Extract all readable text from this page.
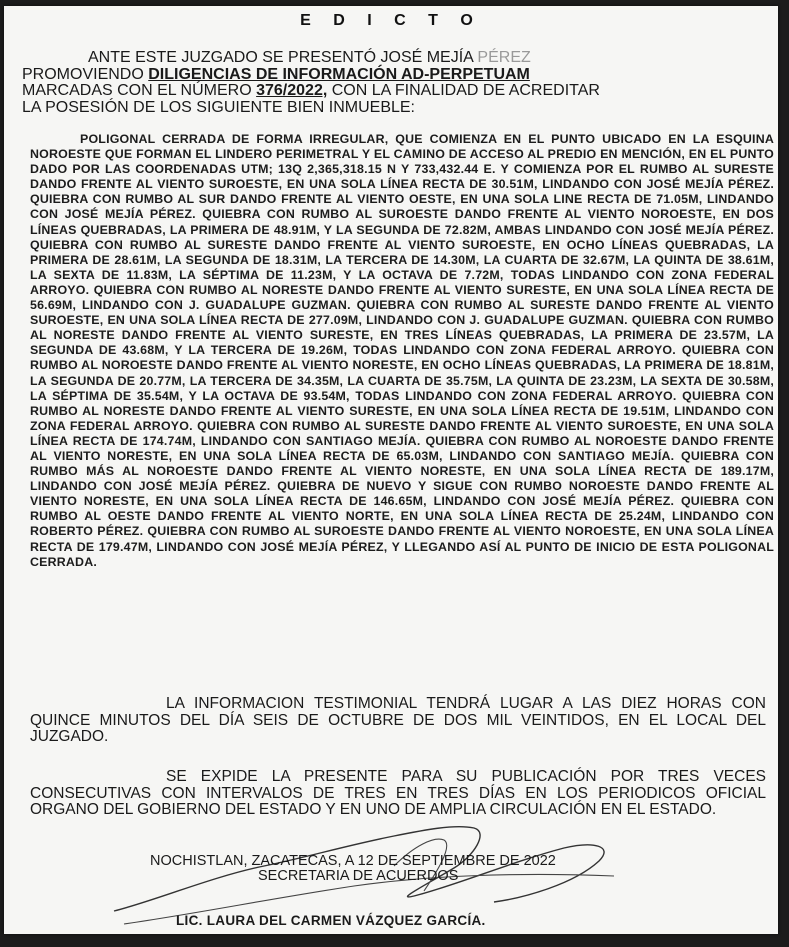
E D I C T O
ANTE ESTE JUZGADO SE PRESENTÓ JOSÉ MEJÍA PÉREZ
PROMOVIENDO DILIGENCIAS DE INFORMACIÓN AD-PERPETUAM
MARCADAS CON EL NÚMERO 376/2022, CON LA FINALIDAD DE ACREDITAR
LA POSESIÓN DE LOS SIGUIENTE BIEN INMUEBLE:
POLIGONAL CERRADA DE FORMA IRREGULAR, QUE COMIENZA EN EL PUNTO UBICADO EN LA ESQUINA NOROESTE QUE FORMAN EL LINDERO PERIMETRAL Y EL CAMINO DE ACCESO AL PREDIO EN MENCIÓN, EN EL PUNTO DADO POR LAS COORDENADAS UTM; 13Q 2,365,318.15 N Y 733,432.44 E. Y COMIENZA POR EL RUMBO AL SURESTE DANDO FRENTE AL VIENTO SUROESTE, EN UNA SOLA LÍNEA RECTA DE 30.51M, LINDANDO CON JOSÉ MEJÍA PÉREZ. QUIEBRA CON RUMBO AL SUR DANDO FRENTE AL VIENTO OESTE, EN UNA SOLA LINE RECTA DE 71.05M, LINDANDO CON JOSÉ MEJÍA PÉREZ. QUIEBRA CON RUMBO AL SUROESTE DANDO FRENTE AL VIENTO NOROESTE, EN DOS LÍNEAS QUEBRADAS, LA PRIMERA DE 48.91M, Y LA SEGUNDA DE 72.82M, AMBAS LINDANDO CON JOSÉ MEJÍA PÉREZ. QUIEBRA CON RUMBO AL SURESTE DANDO FRENTE AL VIENTO SUROESTE, EN OCHO LÍNEAS QUEBRADAS, LA PRIMERA DE 28.61M, LA SEGUNDA DE 18.31M, LA TERCERA DE 14.30M, LA CUARTA DE 32.67M, LA QUINTA DE 38.61M, LA SEXTA DE 11.83M, LA SÉPTIMA DE 11.23M, Y LA OCTAVA DE 7.72M, TODAS LINDANDO CON ZONA FEDERAL ARROYO. QUIEBRA CON RUMBO AL NORESTE DANDO FRENTE AL VIENTO SURESTE, EN UNA SOLA LÍNEA RECTA DE 56.69M, LINDANDO CON J. GUADALUPE GUZMAN. QUIEBRA CON RUMBO AL SURESTE DANDO FRENTE AL VIENTO SUROESTE, EN UNA SOLA LÍNEA RECTA DE 277.09M, LINDANDO CON J. GUADALUPE GUZMAN. QUIEBRA CON RUMBO AL NORESTE DANDO FRENTE AL VIENTO SURESTE, EN TRES LÍNEAS QUEBRADAS, LA PRIMERA DE 23.57M, LA SEGUNDA DE 43.68M, Y LA TERCERA DE 19.26M, TODAS LINDANDO CON ZONA FEDERAL ARROYO. QUIEBRA CON RUMBO AL NOROESTE DANDO FRENTE AL VIENTO NORESTE, EN OCHO LÍNEAS QUEBRADAS, LA PRIMERA DE 18.81M, LA SEGUNDA DE 20.77M, LA TERCERA DE 34.35M, LA CUARTA DE 35.75M, LA QUINTA DE 23.23M, LA SEXTA DE 30.58M, LA SÉPTIMA DE 35.54M, Y LA OCTAVA DE 93.54M, TODAS LINDANDO CON ZONA FEDERAL ARROYO. QUIEBRA CON RUMBO AL NORESTE DANDO FRENTE AL VIENTO SURESTE, EN UNA SOLA LÍNEA RECTA DE 19.51M, LINDANDO CON ZONA FEDERAL ARROYO. QUIEBRA CON RUMBO AL SURESTE DANDO FRENTE AL VIENTO SUROESTE, EN UNA SOLA LÍNEA RECTA DE 174.74M, LINDANDO CON SANTIAGO MEJÍA. QUIEBRA CON RUMBO AL NOROESTE DANDO FRENTE AL VIENTO NORESTE, EN UNA SOLA LÍNEA RECTA DE 65.03M, LINDANDO CON SANTIAGO MEJÍA. QUIEBRA CON RUMBO MÁS AL NOROESTE DANDO FRENTE AL VIENTO NORESTE, EN UNA SOLA LÍNEA RECTA DE 189.17M, LINDANDO CON JOSÉ MEJÍA PÉREZ. QUIEBRA DE NUEVO Y SIGUE CON RUMBO NOROESTE DANDO FRENTE AL VIENTO NORESTE, EN UNA SOLA LÍNEA RECTA DE 146.65M, LINDANDO CON JOSÉ MEJÍA PÉREZ. QUIEBRA CON RUMBO AL OESTE DANDO FRENTE AL VIENTO NORTE, EN UNA SOLA LÍNEA RECTA DE 25.24M, LINDANDO CON ROBERTO PÉREZ. QUIEBRA CON RUMBO AL SUROESTE DANDO FRENTE AL VIENTO NOROESTE, EN UNA SOLA LÍNEA RECTA DE 179.47M, LINDANDO CON JOSÉ MEJÍA PÉREZ, Y LLEGANDO ASÍ AL PUNTO DE INICIO DE ESTA POLIGONAL CERRADA.
LA INFORMACION TESTIMONIAL TENDRÁ LUGAR A LAS DIEZ HORAS CON QUINCE MINUTOS DEL DÍA SEIS DE OCTUBRE DE DOS MIL VEINTIDOS, EN EL LOCAL DEL JUZGADO.
SE EXPIDE LA PRESENTE PARA SU PUBLICACIÓN POR TRES VECES CONSECUTIVAS CON INTERVALOS DE TRES EN TRES DÍAS EN LOS PERIODICOS OFICIAL ORGANO DEL GOBIERNO DEL ESTADO Y EN UNO DE AMPLIA CIRCULACIÓN EN EL ESTADO.
NOCHISTLAN, ZACATECAS, A 12 DE SEPTIEMBRE DE 2022
SECRETARIA DE ACUERDOS
LIC. LAURA DEL CARMEN VÁZQUEZ GARCÍA.
